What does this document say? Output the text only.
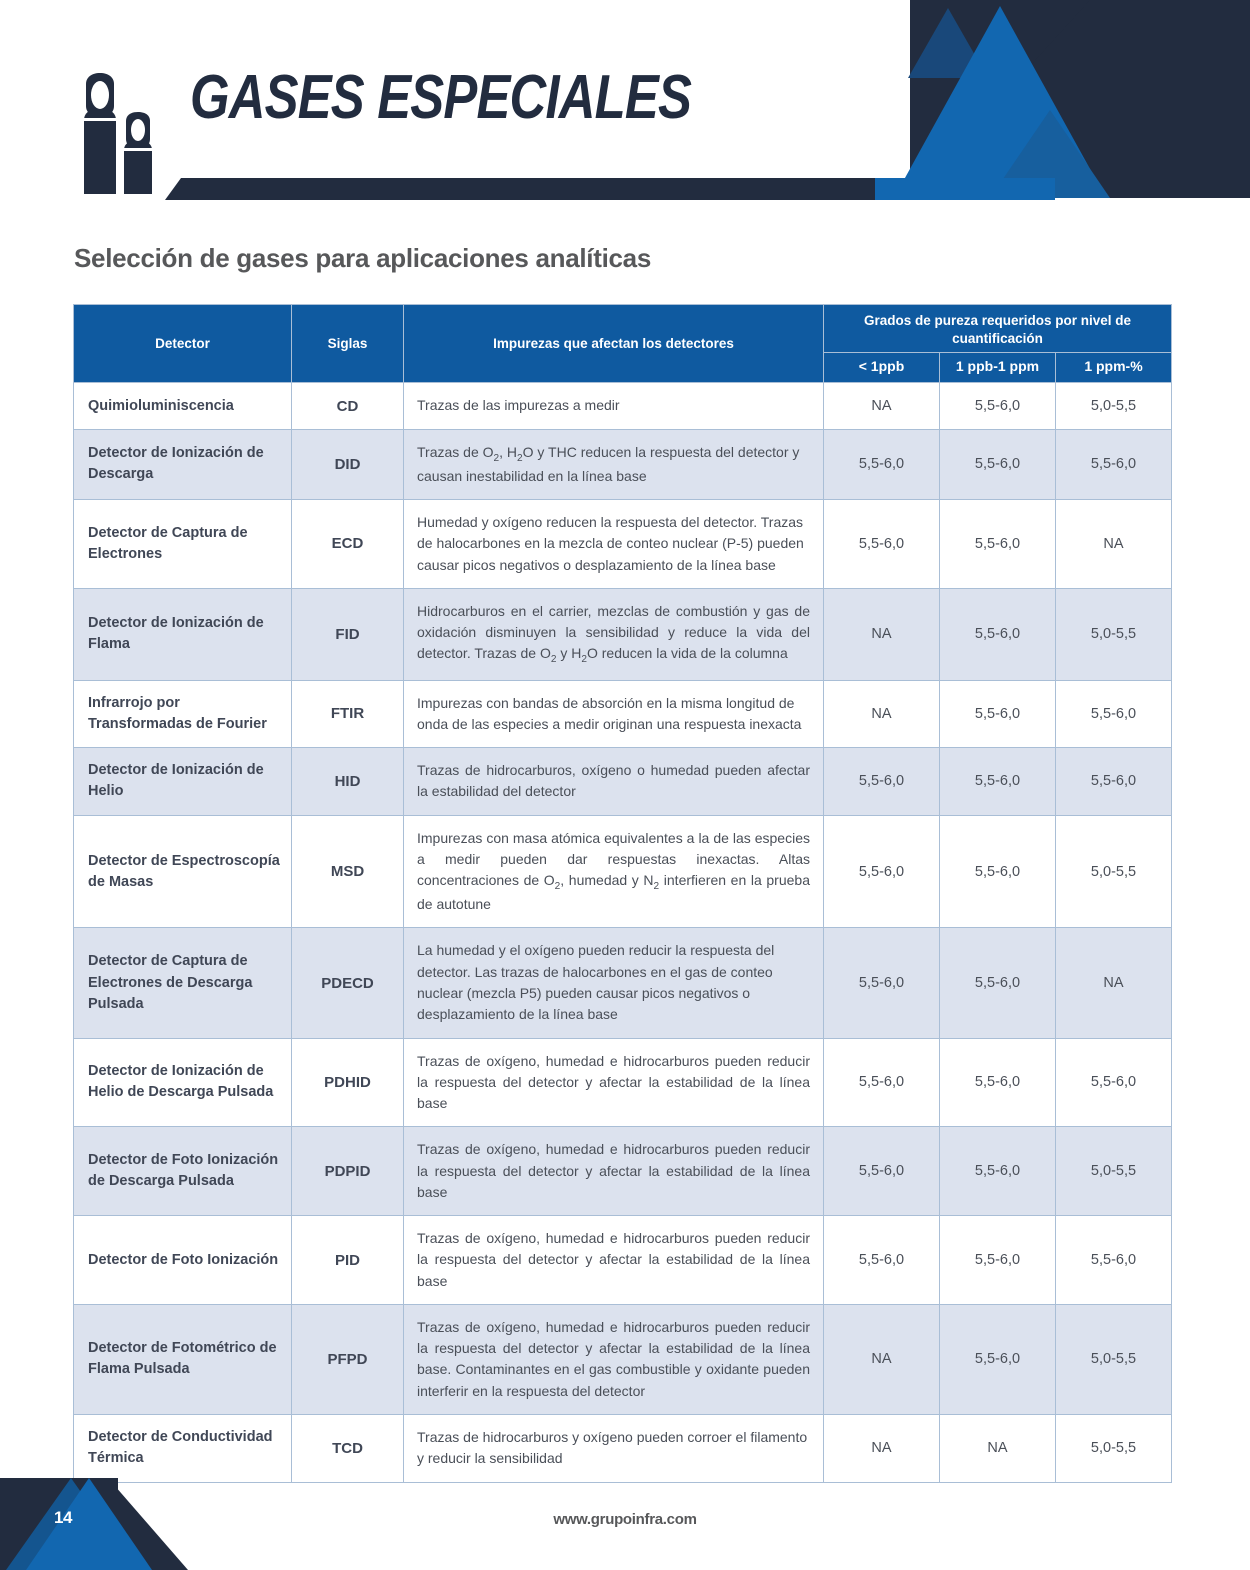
GASES ESPECIALES
Selección de gases para aplicaciones analíticas
Detector	Siglas	Impurezas que afectan los detectores	Grados de pureza requeridos por nivel de cuantificación		
			< 1ppb	1 ppb-1 ppm	1 ppm-%
Quimioluminiscencia	CD	Trazas de las impurezas a medir	NA	5,5-6,0	5,0-5,5
Detector de Ionización de Descarga	DID	Trazas de $O_2$, $H_2O$ y THC reducen la respuesta del detector y causan inestabilidad en la línea base	5,5-6,0	5,5-6,0	5,5-6,0
Detector de Captura de Electrones	ECD	Humedad y oxígeno reducen la respuesta del detector. Trazas de halocarbones en la mezcla de conteo nuclear (P-5) pueden causar picos negativos o desplazamiento de la línea base	5,5-6,0	5,5-6,0	NA
Detector de Ionización de Flama	FID	Hidrocarburos en el carrier, mezclas de combustión y gas de oxidación disminuyen la sensibilidad y reduce la vida del detector. Trazas de $O_2$ y $H_2O$ reducen la vida de la columna	NA	5,5-6,0	5,0-5,5
Infrarrojo por Transformadas de Fourier	FTIR	Impurezas con bandas de absorción en la misma longitud de onda de las especies a medir originan una respuesta inexacta	NA	5,5-6,0	5,5-6,0
Detector de Ionización de Helio	HID	Trazas de hidrocarburos, oxígeno o humedad pueden afectar la estabilidad del detector	5,5-6,0	5,5-6,0	5,5-6,0
Detector de Espectroscopía de Masas	MSD	Impurezas con masa atómica equivalentes a la de las especies a medir pueden dar respuestas inexactas. Altas concentraciones de $O_2$, humedad y $N_2$ interfieren en la prueba de autotune	5,5-6,0	5,5-6,0	5,0-5,5
Detector de Captura de Electrones de Descarga Pulsada	PDECD	La humedad y el oxígeno pueden reducir la respuesta del detector. Las trazas de halocarbones en el gas de conteo nuclear (mezcla P5) pueden causar picos negativos o desplazamiento de la línea base	5,5-6,0	5,5-6,0	NA
Detector de Ionización de Helio de Descarga Pulsada	PDHID	Trazas de oxígeno, humedad e hidrocarburos pueden reducir la respuesta del detector y afectar la estabilidad de la línea base	5,5-6,0	5,5-6,0	5,5-6,0
Detector de Foto Ionización de Descarga Pulsada	PDPID	Trazas de oxígeno, humedad e hidrocarburos pueden reducir la respuesta del detector y afectar la estabilidad de la línea base	5,5-6,0	5,5-6,0	5,0-5,5
Detector de Foto Ionización	PID	Trazas de oxígeno, humedad e hidrocarburos pueden reducir la respuesta del detector y afectar la estabilidad de la línea base	5,5-6,0	5,5-6,0	5,5-6,0
Detector de Fotométrico de Flama Pulsada	PFPD	Trazas de oxígeno, humedad e hidrocarburos pueden reducir la respuesta del detector y afectar la estabilidad de la línea base. Contaminantes en el gas combustible y oxidante pueden interferir en la respuesta del detector	NA	5,5-6,0	5,0-5,5
Detector de Conductividad Térmica	TCD	Trazas de hidrocarburos y oxígeno pueden corroer el filamento y reducir la sensibilidad	NA	NA	5,0-5,5
14	www.grupoinfra.com
